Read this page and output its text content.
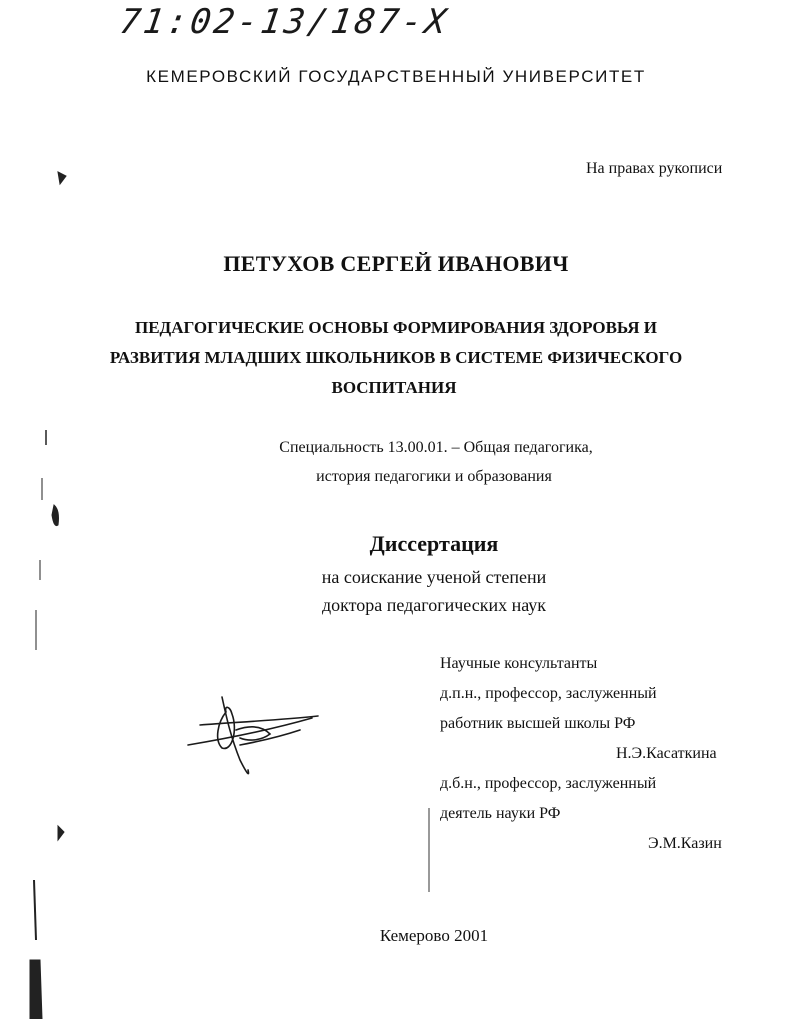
71:02-13/187-X
КЕМЕРОВСКИЙ ГОСУДАРСТВЕННЫЙ УНИВЕРСИТЕТ
На правах рукописи
ПЕТУХОВ СЕРГЕЙ ИВАНОВИЧ
ПЕДАГОГИЧЕСКИЕ ОСНОВЫ ФОРМИРОВАНИЯ ЗДОРОВЬЯ И
РАЗВИТИЯ МЛАДШИХ ШКОЛЬНИКОВ В СИСТЕМЕ ФИЗИЧЕСКОГО
ВОСПИТАНИЯ
Специальность 13.00.01. – Общая педагогика,
история педагогики и образования
Диссертация
на соискание ученой степени
доктора педагогических наук
Научные консультанты
д.п.н., профессор, заслуженный
работник высшей школы РФ
Н.Э.Касаткина
д.б.н., профессор, заслуженный
деятель науки РФ
Э.М.Казин
Кемерово 2001
